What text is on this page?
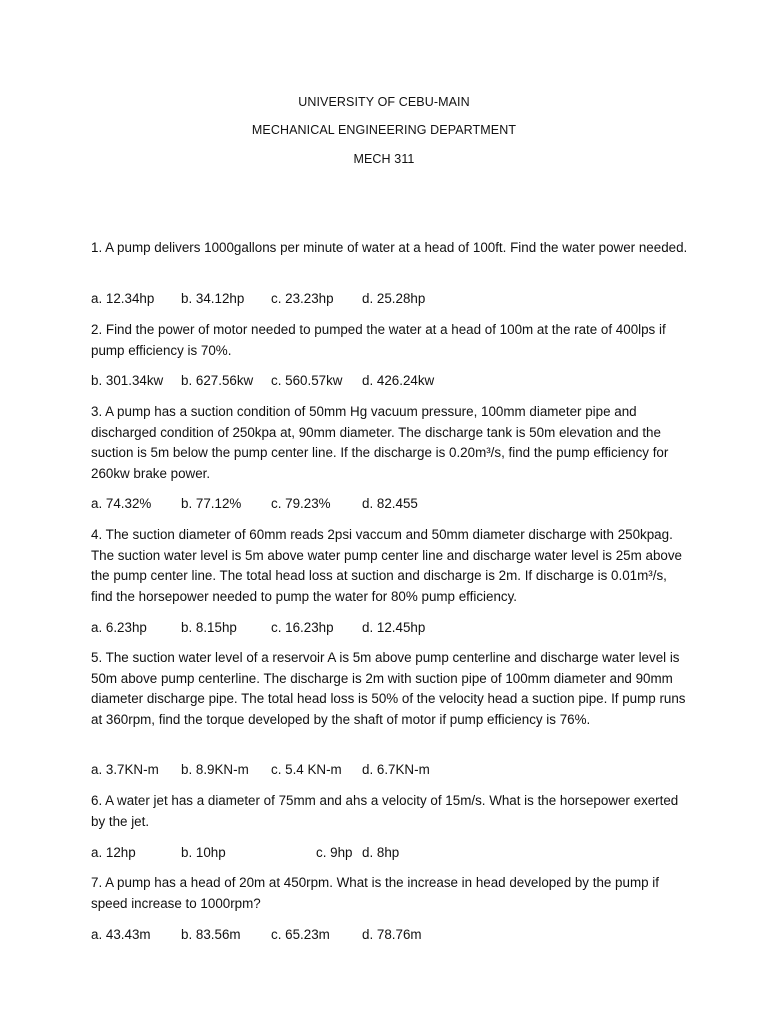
UNIVERSITY OF CEBU-MAIN
MECHANICAL ENGINEERING DEPARTMENT
MECH 311

1. A pump delivers 1000gallons per minute of water at a head of 100ft. Find the water power needed.

a. 12.34hp b. 34.12hp c. 23.23hp d. 25.28hp

2. Find the power of motor needed to pumped the water at a head of 100m at the rate of 400lps if pump efficiency is 70%.

b. 301.34kw b. 627.56kw c. 560.57kw d. 426.24kw

3. A pump has a suction condition of 50mm Hg vacuum pressure, 100mm diameter pipe and discharged condition of 250kpa at, 90mm diameter. The discharge tank is 50m elevation and the suction is 5m below the pump center line. If the discharge is 0.20m³/s, find the pump efficiency for 260kw brake power.

a. 74.32% b. 77.12% c. 79.23% d. 82.455

4. The suction diameter of 60mm reads 2psi vaccum and 50mm diameter discharge with 250kpag. The suction water level is 5m above water pump center line and discharge water level is 25m above the pump center line. The total head loss at suction and discharge is 2m. If discharge is 0.01m³/s, find the horsepower needed to pump the water for 80% pump efficiency.

a. 6.23hp	b. 8.15hp	c. 16.23hp d. 12.45hp

5. The suction water level of a reservoir A is 5m above pump centerline and discharge water level is 50m above pump centerline. The discharge is 2m with suction pipe of 100mm diameter and 90mm diameter discharge pipe. The total head loss is 50% of the velocity head a suction pipe. If pump runs at 360rpm, find the torque developed by the shaft of motor if pump efficiency is 76%.

a. 3.7KN-m b. 8.9KN-m c. 5.4 KN-m d. 6.7KN-m

6. A water jet has a diameter of 75mm and ahs a velocity of 15m/s. What is the horsepower exerted by the jet.

a. 12hp	b. 10hp	c. 9hp d. 8hp

7. A pump has a head of 20m at 450rpm. What is the increase in head developed by the pump if speed increase to 1000rpm?

a. 43.43m b. 83.56m c. 65.23m d. 78.76m
